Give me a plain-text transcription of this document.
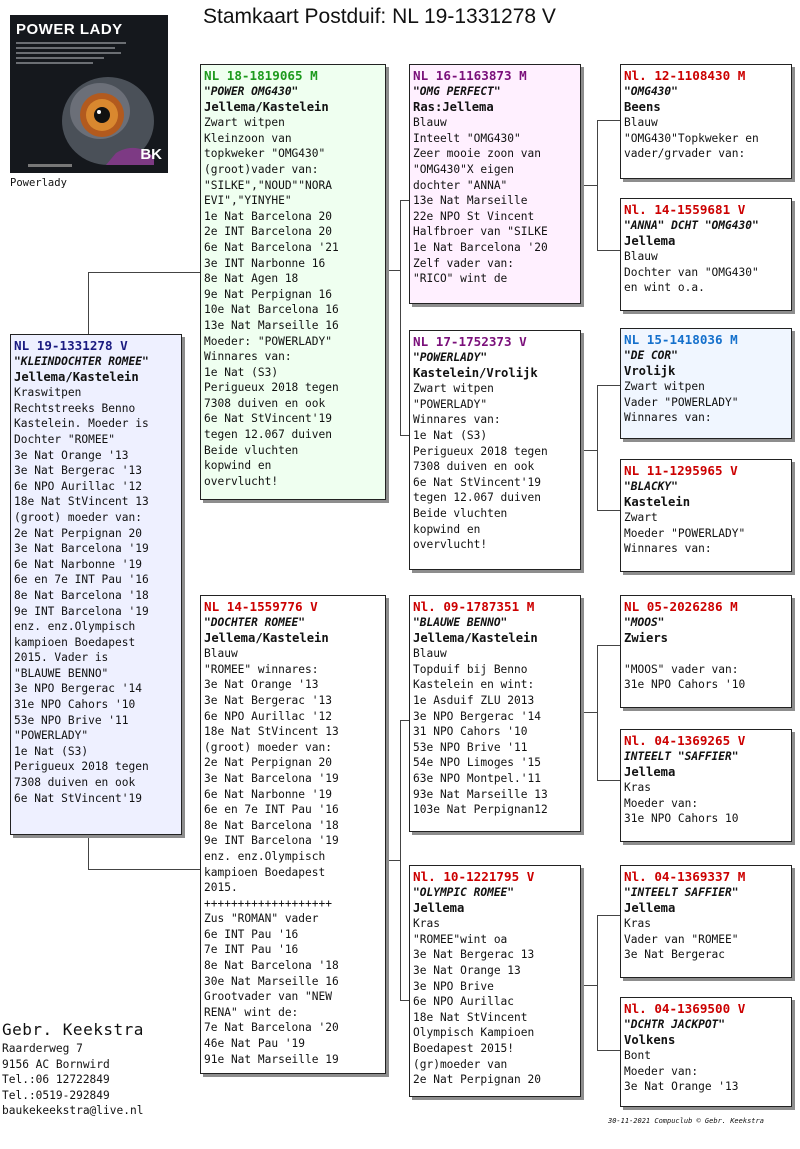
Stamkaart Postduif: NL 19-1331278 V
POWER LADY
BK
Powerlady
NL 19-1331278 V
"KLEINDOCHTER ROMEE"
Jellema/Kastelein
Kraswitpen
Rechtstreeks Benno
Kastelein. Moeder is
Dochter "ROMEE"
3e Nat Orange '13
3e Nat Bergerac '13
6e NPO Aurillac '12
18e Nat StVincent 13
(groot) moeder van:
2e Nat Perpignan 20
3e Nat Barcelona '19
6e Nat Narbonne '19
6e en 7e INT Pau '16
8e Nat Barcelona '18
9e INT Barcelona '19
enz. enz.Olympisch
kampioen Boedapest
2015. Vader is
"BLAUWE BENNO"
3e NPO Bergerac '14
31e NPO Cahors '10
53e NPO Brive '11
"POWERLADY"
1e Nat (S3)
Perigueux 2018 tegen
7308 duiven en ook
6e Nat StVincent'19
NL 18-1819065 M
"POWER OMG430"
Jellema/Kastelein
Zwart witpen
Kleinzoon van
topkweker "OMG430"
(groot)vader van:
"SILKE","NOUD""NORA
EVI","YINYHE"
1e Nat Barcelona 20
2e INT Barcelona 20
6e Nat Barcelona '21
3e INT Narbonne 16
8e Nat Agen 18
9e Nat Perpignan 16
10e Nat Barcelona 16
13e Nat Marseille 16
Moeder: "POWERLADY"
Winnares van:
1e Nat (S3)
Perigueux 2018 tegen
7308 duiven en ook
6e Nat StVincent'19
tegen 12.067 duiven
Beide vluchten
kopwind en
overvlucht!
NL 14-1559776 V
"DOCHTER ROMEE"
Jellema/Kastelein
Blauw
"ROMEE" winnares:
3e Nat Orange '13
3e Nat Bergerac '13
6e NPO Aurillac '12
18e Nat StVincent 13
(groot) moeder van:
2e Nat Perpignan 20
3e Nat Barcelona '19
6e Nat Narbonne '19
6e en 7e INT Pau '16
8e Nat Barcelona '18
9e INT Barcelona '19
enz. enz.Olympisch
kampioen Boedapest
2015.
+++++++++++++++++++
Zus "ROMAN" vader
6e INT Pau '16
7e INT Pau '16
8e Nat Barcelona '18
30e Nat Marseille 16
Grootvader van "NEW
RENA" wint de:
7e Nat Barcelona '20
46e Nat Pau '19
91e Nat Marseille 19
NL 16-1163873 M
"OMG PERFECT"
Ras:Jellema
Blauw
Inteelt "OMG430"
Zeer mooie zoon van
"OMG430"X eigen
dochter "ANNA"
13e Nat Marseille
22e NPO St Vincent
Halfbroer van "SILKE
1e Nat Barcelona '20
Zelf vader van:
"RICO" wint de
NL 17-1752373 V
"POWERLADY"
Kastelein/Vrolijk
Zwart witpen
"POWERLADY"
Winnares van:
1e Nat (S3)
Perigueux 2018 tegen
7308 duiven en ook
6e Nat StVincent'19
tegen 12.067 duiven
Beide vluchten
kopwind en
overvlucht!
Nl. 09-1787351 M
"BLAUWE BENNO"
Jellema/Kastelein
Blauw
Topduif bij Benno
Kastelein en wint:
1e Asduif ZLU 2013
3e NPO Bergerac '14
31 NPO Cahors '10
53e NPO Brive '11
54e NPO Limoges '15
63e NPO Montpel.'11
93e Nat Marseille 13
103e Nat Perpignan12
Nl. 10-1221795 V
"OLYMPIC ROMEE"
Jellema
Kras
"ROMEE"wint oa
3e Nat Bergerac 13
3e Nat Orange 13
3e NPO Brive
6e NPO Aurillac
18e Nat StVincent
Olympisch Kampioen
Boedapest 2015!
(gr)moeder van
2e Nat Perpignan 20
Nl. 12-1108430 M
"OMG430"
Beens
Blauw
"OMG430"Topkweker en
vader/grvader van:
Nl. 14-1559681 V
"ANNA" DCHT "OMG430"
Jellema
Blauw
Dochter van "OMG430"
en wint o.a.
NL 15-1418036 M
"DE COR"
Vrolijk
Zwart witpen
Vader "POWERLADY"
Winnares van:
NL 11-1295965 V
"BLACKY"
Kastelein
Zwart
Moeder "POWERLADY"
Winnares van:
NL 05-2026286 M
"MOOS"
Zwiers

"MOOS" vader van:
31e NPO Cahors '10
Nl. 04-1369265 V
INTEELT "SAFFIER"
Jellema
Kras
Moeder van:
31e NPO Cahors 10
Nl. 04-1369337 M
"INTEELT SAFFIER"
Jellema
Kras
Vader van "ROMEE"
3e Nat Bergerac
Nl. 04-1369500 V
"DCHTR JACKPOT"
Volkens
Bont
Moeder van:
3e Nat Orange '13
Gebr. Keekstra
Raarderweg 7
9156 AC Bornwird
Tel.:06 12722849
Tel.:0519-292849
baukekeekstra@live.nl
30-11-2021 Compuclub © Gebr. Keekstra
